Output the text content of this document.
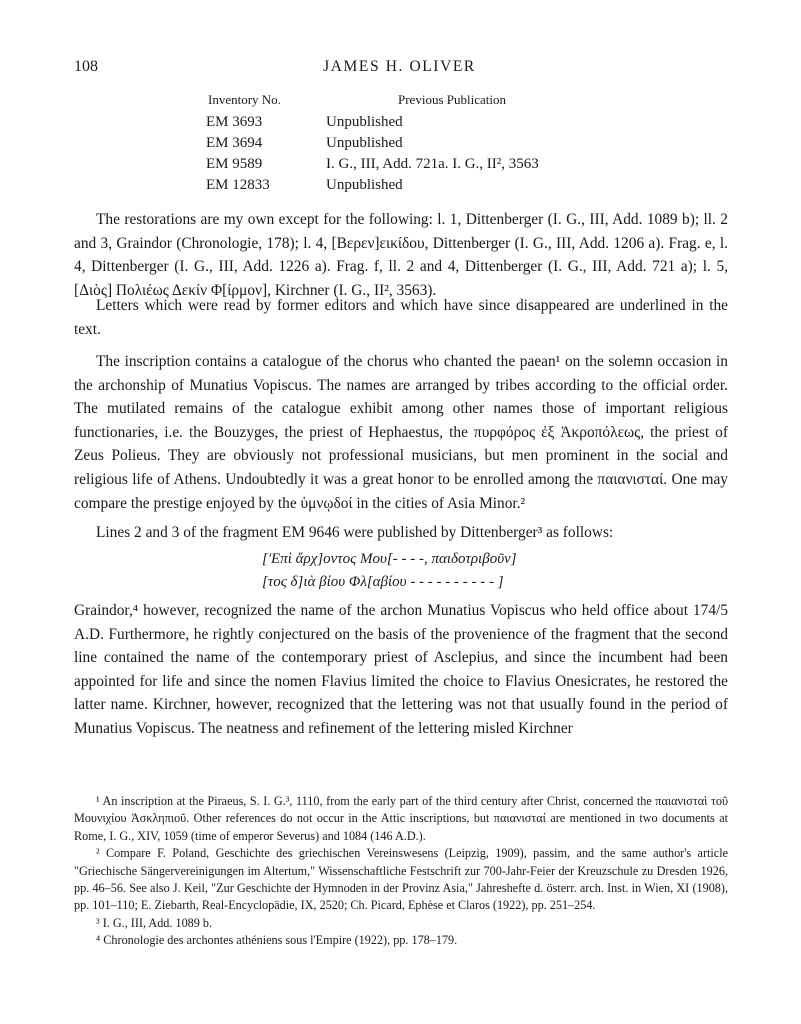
108	JAMES H. OLIVER
Inventory No.	Previous Publication
EM 3693	Unpublished
EM 3694	Unpublished
EM 9589	I. G., III, Add. 721a. I. G., II², 3563
EM 12833	Unpublished

The restorations are my own except for the following: l. 1, Dittenberger (I. G., III, Add. 1089 b); ll. 2 and 3, Graindor (Chronologie, 178); l. 4, [Βερεν]εικίδου, Dittenberger (I. G., III, Add. 1206 a). Frag. e, l. 4, Dittenberger (I. G., III, Add. 1226 a). Frag. f, ll. 2 and 4, Dittenberger (I. G., III, Add. 721 a); l. 5, [Διὸς] Πολιέως Δεκίν Φ[ίρμον], Kirchner (I. G., II², 3563).

Letters which were read by former editors and which have since disappeared are underlined in the text.

The inscription contains a catalogue of the chorus who chanted the paean¹ on the solemn occasion in the archonship of Munatius Vopiscus. The names are arranged by tribes according to the official order. The mutilated remains of the catalogue exhibit among other names those of important religious functionaries, i.e. the Bouzyges, the priest of Hephaestus, the πυρφόρος ἐξ Ἀκροπόλεως, the priest of Zeus Polieus. They are obviously not professional musicians, but men prominent in the social and religious life of Athens. Undoubtedly it was a great honor to be enrolled among the παιανισταί. One may compare the prestige enjoyed by the ὑμνῳδοί in the cities of Asia Minor.²

Lines 2 and 3 of the fragment EM 9646 were published by Dittenberger³ as follows:

['Επὶ ἄρχ]οντος Μου[- - - -, παιδοτριβοῦν]
[τος δ]ιὰ βίου Φλ[αβίου - - - - - - - - - - ]

Graindor,⁴ however, recognized the name of the archon Munatius Vopiscus who held office about 174/5 A.D. Furthermore, he rightly conjectured on the basis of the provenience of the fragment that the second line contained the name of the contemporary priest of Asclepius, and since the incumbent had been appointed for life and since the nomen Flavius limited the choice to Flavius Onesicrates, he restored the latter name. Kirchner, however, recognized that the lettering was not that usually found in the period of Munatius Vopiscus. The neatness and refinement of the lettering misled Kirchner

¹ An inscription at the Piraeus, S. I. G.³, 1110, from the early part of the third century after Christ, concerned the παιανισταὶ τοῦ Μουνιχίου Ἀσκληπιοῦ. Other references do not occur in the Attic inscriptions, but παιανισταί are mentioned in two documents at Rome, I. G., XIV, 1059 (time of emperor Severus) and 1084 (146 A.D.).

² Compare F. Poland, Geschichte des griechischen Vereinswesens (Leipzig, 1909), passim, and the same author's article "Griechische Sängervereinigungen im Altertum," Wissenschaftliche Festschrift zur 700-Jahr-Feier der Kreuzschule zu Dresden 1926, pp. 46–56. See also J. Keil, "Zur Geschichte der Hymnoden in der Provinz Asia," Jahreshefte d. österr. arch. Inst. in Wien, XI (1908), pp. 101–110; E. Ziebarth, Real-Encyclopädie, IX, 2520; Ch. Picard, Ephèse et Claros (1922), pp. 251–254.

³ I. G., III, Add. 1089 b.

⁴ Chronologie des archontes athéniens sous l'Empire (1922), pp. 178–179.
